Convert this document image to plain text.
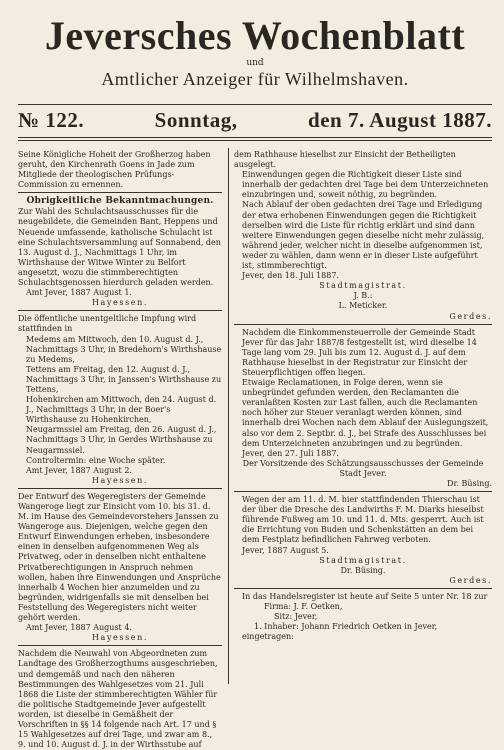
Jeversches Wochenblatt
und
Amtlicher Anzeiger für Wilhelmshaven.
№ 122.	Sonntag,	den 7. August 1887.

Seine Königliche Hoheit der Großherzog haben geruht, den Kirchenrath Goens in Jade zum Mitgliede der theologischen Prüfungs-Commission zu ernennen.

Obrigkeitliche Bekanntmachungen.

Zur Wahl des Schulachtsausschusses für die neugebildete, die Gemeinden Bant, Heppens und Neuende umfassende, katholische Schulacht ist eine Schulachtsversammlung auf Sonnabend, den 13. August d. J., Nachmittags 1 Uhr, im Wirthshause der Witwe Winter zu Belfort angesetzt, wozu die stimmberechtigten Schulachtsgenossen hierdurch geladen werden.

Amt Jever, 1887 August 1.

Hayessen.

Die öffentliche unentgeltliche Impfung wird stattfinden in

Medems am Mittwoch, den 10. August d. J., Nachmittags 3 Uhr, in Bredehorn's Wirthshause zu Medems,

Tettens am Freitag, den 12. August d. J., Nachmittags 3 Uhr, in Janssen's Wirthshause zu Tettens,

Hohenkirchen am Mittwoch, den 24. August d. J., Nachmittags 3 Uhr, in der Boer's Wirthshause zu Hohenkirchen,

Neugarmssiel am Freitag, den 26. August d. J., Nachmittags 3 Uhr, in Gerdes Wirthshause zu Neugarmssiel.

Controltermin: eine Woche später.

Amt Jever, 1887 August 2.

Hayessen.

Der Entwurf des Wegeregisters der Gemeinde Wangeroge liegt zur Einsicht vom 10. bis 31. d. M. im Hause des Gemeindevorstehers Janssen zu Wangeroge aus. Diejenigen, welche gegen den Entwurf Einwendungen erheben, insbesondere einen in denselben aufgenommenen Weg als Privatweg, oder in denselben nicht enthaltene Privatberechtigungen in Anspruch nehmen wollen, haben ihre Einwendungen und Ansprüche innerhalb 4 Wochen hier anzumelden und zu begründen, widrigenfalls sie mit denselben bei Feststellung des Wegeregisters nicht weiter gehört werden.

Amt Jever, 1887 August 4.

Hayessen.

Nachdem die Neuwahl von Abgeordneten zum Landtage des Großherzogthums ausgeschrieben, und demgemäß und nach den näheren Bestimmungen des Wahlgesetzes vom 21. Juli 1868 die Liste der stimmberechtigten Wähler für die politische Stadtgemeinde Jever aufgestellt worden, ist dieselbe in Gemäßheit der Vorschriften in §§ 14 folgende nach Art. 17 und § 15 Wahlgesetzes auf drei Tage, und zwar am 8., 9. und 10. August d. J. in der Wirthsstube auf

dem Rathhause hieselbst zur Einsicht der Betheiligten ausgelegt.

Einwendungen gegen die Richtigkeit dieser Liste sind innerhalb der gedachten drei Tage bei dem Unterzeichneten einzubringen und, soweit nöthig, zu begründen.

Nach Ablauf der oben gedachten drei Tage und Erledigung der etwa erhobenen Einwendungen gegen die Richtigkeit derselben wird die Liste für richtig erklärt und sind dann weitere Einwendungen gegen dieselbe nicht mehr zulässig, während jeder, welcher nicht in dieselbe aufgenommen ist, weder zu wählen, dann wenn er in dieser Liste aufgeführt ist, stimmberechtigt.

Jever, den 18. Juli 1887.

Stadtmagistrat.

J. B.:

L. Meticker.

Gerdes.

Nachdem die Einkommensteuerrolle der Gemeinde Stadt Jever für das Jahr 1887/8 festgestellt ist, wird dieselbe 14 Tage lang vom 29. Juli bis zum 12. August d. J. auf dem Rathhause hieselbst in der Registratur zur Einsicht der Steuerpflichtigen offen liegen.

Etwaige Reclamationen, in Folge deren, wenn sie unbegründet gefunden werden, den Reclamanten die veranlaßten Kosten zur Last fallen, auch die Reclamanten noch höher zur Steuer veranlagt werden können, sind innerhalb drei Wochen nach dem Ablauf der Auslegungszeit, also vor dem 2. Septbr. d. J., bei Strafe des Ausschlusses bei dem Unterzeichneten anzubringen und zu begründen.

Jever, den 27. Juli 1887.

Der Vorsitzende des Schätzungsausschusses der Gemeinde Stadt Jever.

Dr. Büsing.

Wegen der am 11. d. M. hier stattfindenden Thierschau ist der über die Dresche des Landwirths F. M. Diarks hieselbst führende Fußweg am 10. und 11. d. Mts. gesperrt. Auch ist die Errichtung von Buden und Schenkstätten an dem bei dem Festplatz befindlichen Fahrweg verboten.

Jever, 1887 August 5.

Stadtmagistrat.

Dr. Büsing.

Gerdes.

In das Handelsregister ist heute auf Seite 5 unter Nr. 18 zur

Firma: J. F. Oetken,

Sitz: Jever,

1. Inhaber: Johann Friedrich Oetken in Jever,

eingetragen:
